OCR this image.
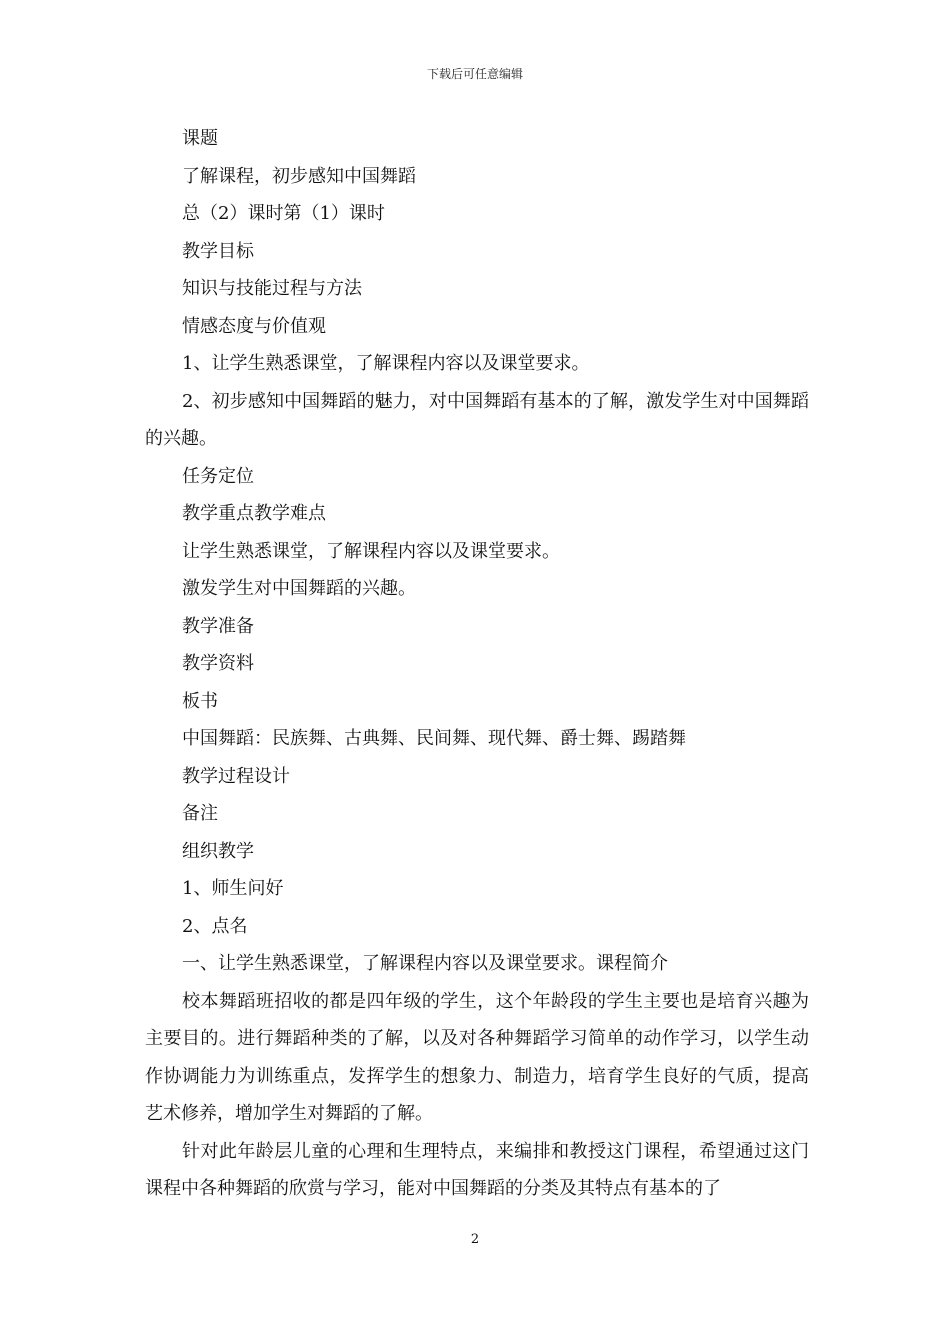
下载后可任意编辑
课题
了解课程，初步感知中国舞蹈
总（2）课时第（1）课时
教学目标
知识与技能过程与方法
情感态度与价值观
1、让学生熟悉课堂，了解课程内容以及课堂要求。

2、初步感知中国舞蹈的魅力，对中国舞蹈有基本的了解，激发学生对中国舞蹈的兴趣。

任务定位
教学重点教学难点
让学生熟悉课堂，了解课程内容以及课堂要求。
激发学生对中国舞蹈的兴趣。
教学准备
教学资料
板书
中国舞蹈：民族舞、古典舞、民间舞、现代舞、爵士舞、踢踏舞
教学过程设计
备注
组织教学
1、师生问好
2、点名
一、让学生熟悉课堂，了解课程内容以及课堂要求。课程简介

校本舞蹈班招收的都是四年级的学生，这个年龄段的学生主要也是培育兴趣为主要目的。进行舞蹈种类的了解，以及对各种舞蹈学习简单的动作学习，以学生动作协调能力为训练重点，发挥学生的想象力、制造力，培育学生良好的气质，提高艺术修养，增加学生对舞蹈的了解。

针对此年龄层儿童的心理和生理特点，来编排和教授这门课程，希望通过这门课程中各种舞蹈的欣赏与学习，能对中国舞蹈的分类及其特点有基本的了

2
